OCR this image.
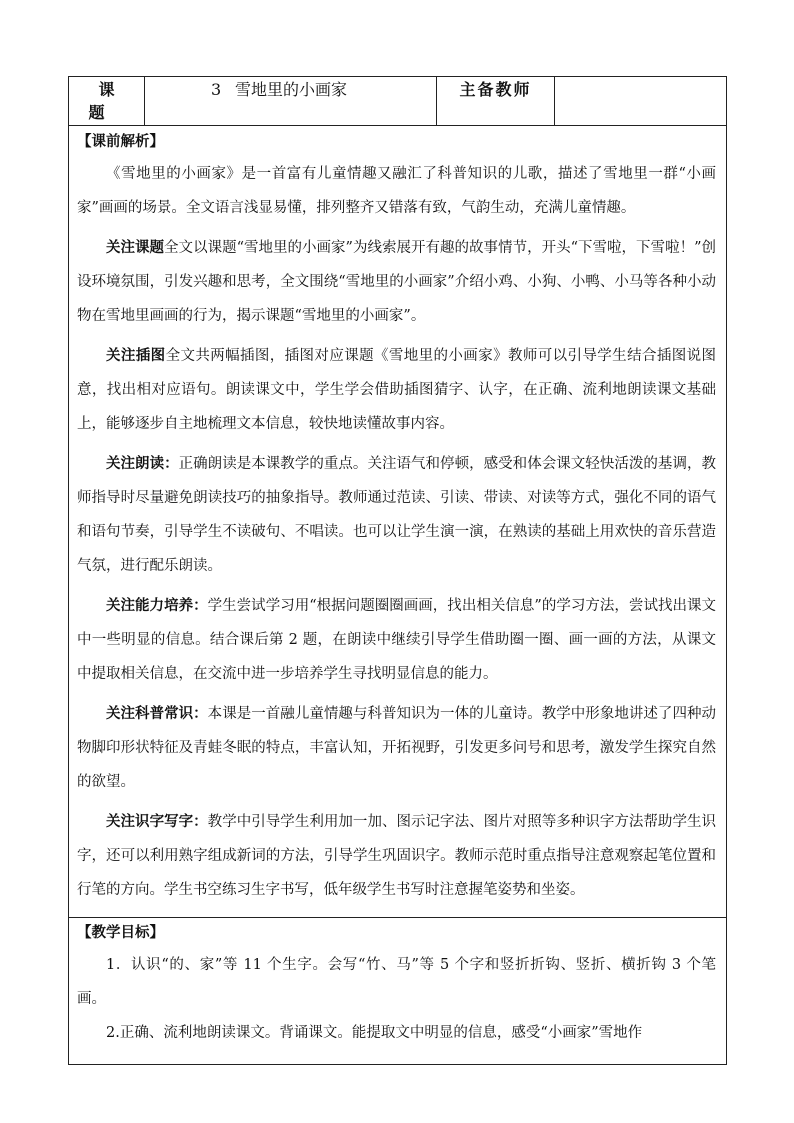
课 题	3 雪地里的小画家	主备教师	

【课前解析】
《雪地里的小画家》是一首富有儿童情趣又融汇了科普知识的儿歌，描述了雪地里一群“小画家”画画的场景。全文语言浅显易懂，排列整齐又错落有致，气韵生动，充满儿童情趣。
关注课题全文以课题“雪地里的小画家”为线索展开有趣的故事情节，开头“下雪啦，下雪啦！”创设环境氛围，引发兴趣和思考，全文围绕“雪地里的小画家”介绍小鸡、小狗、小鸭、小马等各种小动物在雪地里画画的行为，揭示课题“雪地里的小画家”。
关注插图全文共两幅插图，插图对应课题《雪地里的小画家》教师可以引导学生结合插图说图意，找出相对应语句。朗读课文中，学生学会借助插图猜字、认字，在正确、流利地朗读课文基础上，能够逐步自主地梳理文本信息，较快地读懂故事内容。
关注朗读：正确朗读是本课教学的重点。关注语气和停顿，感受和体会课文轻快活泼的基调，教师指导时尽量避免朗读技巧的抽象指导。教师通过范读、引读、带读、对读等方式，强化不同的语气和语句节奏，引导学生不读破句、不唱读。也可以让学生演一演，在熟读的基础上用欢快的音乐营造气氛，进行配乐朗读。
关注能力培养：学生尝试学习用“根据问题圈圈画画，找出相关信息”的学习方法，尝试找出课文中一些明显的信息。结合课后第 2 题，在朗读中继续引导学生借助圈一圈、画一画的方法，从课文中提取相关信息，在交流中进一步培养学生寻找明显信息的能力。
关注科普常识：本课是一首融儿童情趣与科普知识为一体的儿童诗。教学中形象地讲述了四种动物脚印形状特征及青蛙冬眠的特点，丰富认知，开拓视野，引发更多问号和思考，激发学生探究自然的欲望。
关注识字写字：教学中引导学生利用加一加、图示记字法、图片对照等多种识字方法帮助学生识字，还可以利用熟字组成新词的方法，引导学生巩固识字。教师示范时重点指导注意观察起笔位置和行笔的方向。学生书空练习生字书写，低年级学生书写时注意握笔姿势和坐姿。

【教学目标】
1．认识“的、家”等 11 个生字。会写“竹、马”等 5 个字和竖折折钩、竖折、横折钩 3 个笔画。
2.正确、流利地朗读课文。背诵课文。能提取文中明显的信息，感受“小画家”雪地作
